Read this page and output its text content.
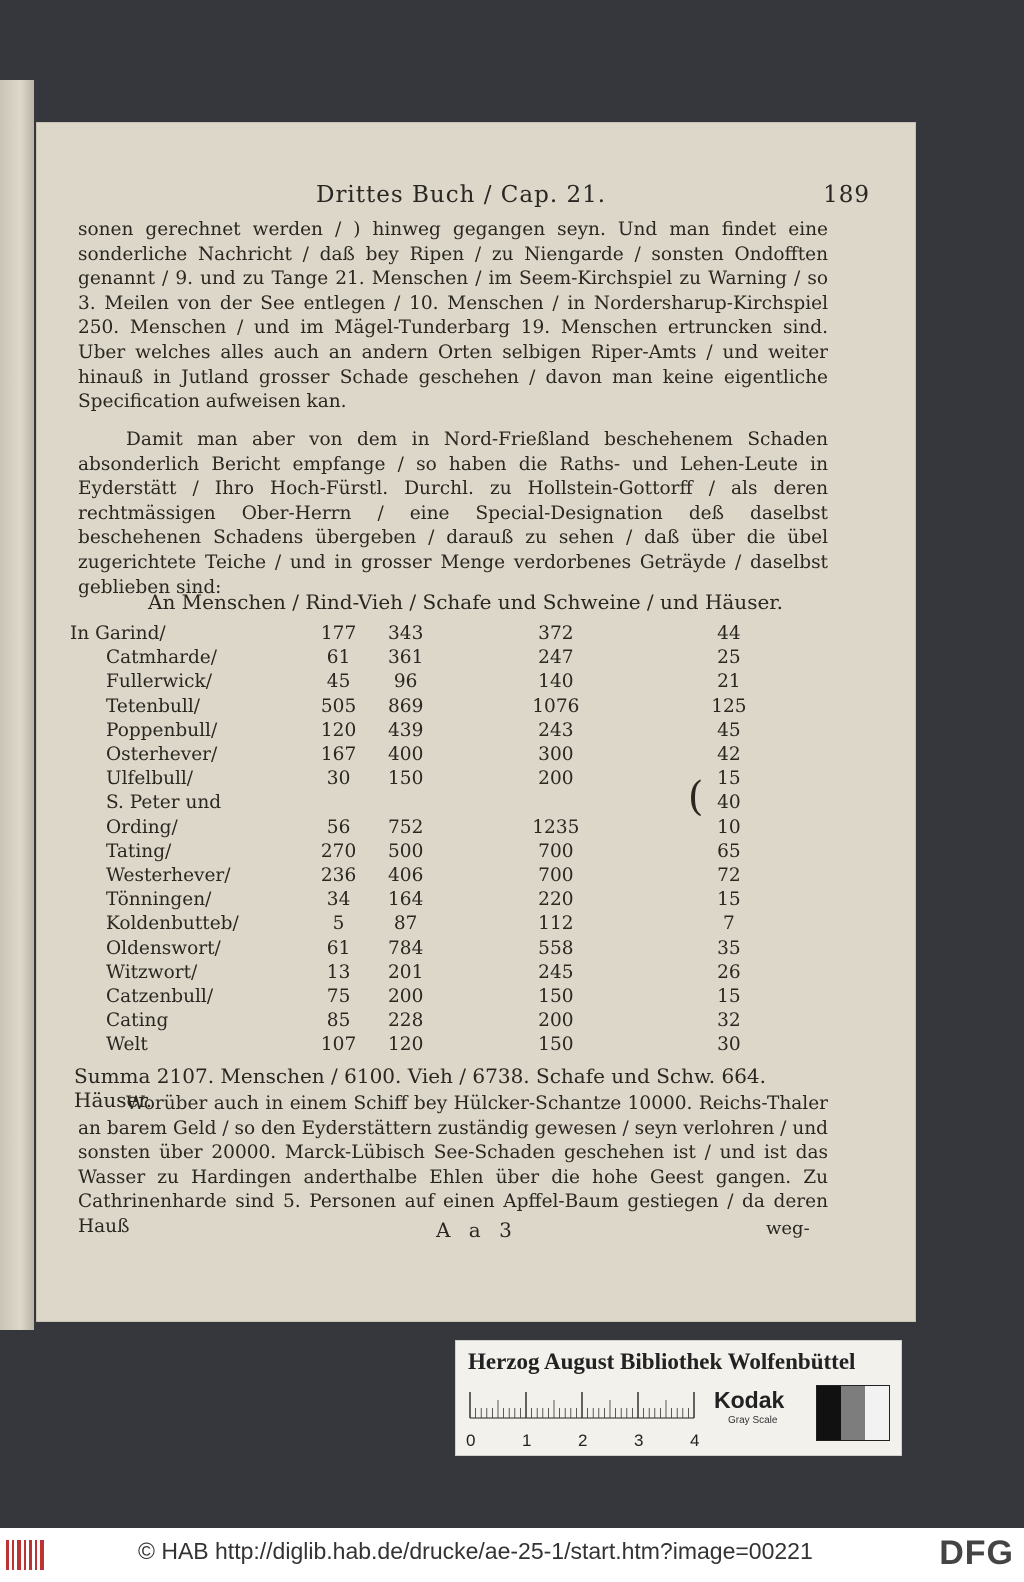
Drittes Buch / Cap. 21.	189

sonen gerechnet werden / ) hinweg gegangen seyn. Und man findet eine sonderliche Nachricht / daß bey Ripen / zu Niengarde / sonsten Ondofften genannt / 9. und zu Tange 21. Menschen / im Seem-Kirchspiel zu Warning / so 3. Meilen von der See entlegen / 10. Menschen / in Nordersharup-Kirchspiel 250. Menschen / und im Mägel-Tunderbarg 19. Menschen ertruncken sind. Uber welches alles auch an andern Orten selbigen Riper-Amts / und weiter hinauß in Jutland grosser Schade geschehen / davon man keine eigentliche Specification aufweisen kan.

Damit man aber von dem in Nord-Frießland beschehenem Schaden absonderlich Bericht empfange / so haben die Raths- und Lehen-Leute in Eyderstätt / Ihro Hoch-Fürstl. Durchl. zu Hollstein-Gottorff / als deren rechtmässigen Ober-Herrn / eine Special-Designation deß daselbst beschehenen Schadens übergeben / darauß zu sehen / daß über die übel zugerichtete Teiche / und in grosser Menge verdorbenes Geträyde / daselbst geblieben sind:

An Menschen / Rind-Vieh / Schafe und Schweine / und Häuser.
In Garind/	177	343	372	44
Catmharde/	61	361	247	25
Fullerwick/	45	96	140	21
Tetenbull/	505	869	1076	125
Poppenbull/	120	439	243	45
Osterhever/	167	400	300	42
Ulfelbull/	30	150	200	15
S. Peter und				40
(

Ording/	56	752	1235	10
Tating/	270	500	700	65
Westerhever/	236	406	700	72
Tönningen/	34	164	220	15
Koldenbutteb/	5	87	112	7
Oldenswort/	61	784	558	35
Witzwort/	13	201	245	26
Catzenbull/	75	200	150	15
Cating	85	228	200	32
Welt	107	120	150	30
Summa 2107. Menschen / 6100. Vieh / 6738. Schafe und Schw. 664. Häuser.

Worüber auch in einem Schiff bey Hülcker-Schantze 10000. Reichs-Thaler an barem Geld / so den Eyderstättern zuständig gewesen / seyn verlohren / und sonsten über 20000. Marck-Lübisch See-Schaden geschehen ist / und ist das Wasser zu Hardingen anderthalbe Ehlen über die hohe Geest gangen. Zu Cathrinenharde sind 5. Personen auf einen Apffel-Baum gestiegen / da deren Hauß	A a 3	weg-
Herzog August Bibliothek Wolfenbüttel
0	1	2	3	4
Kodak
Gray Scale
© HAB http://diglib.hab.de/drucke/ae-25-1/start.htm?image=00221	DFG
